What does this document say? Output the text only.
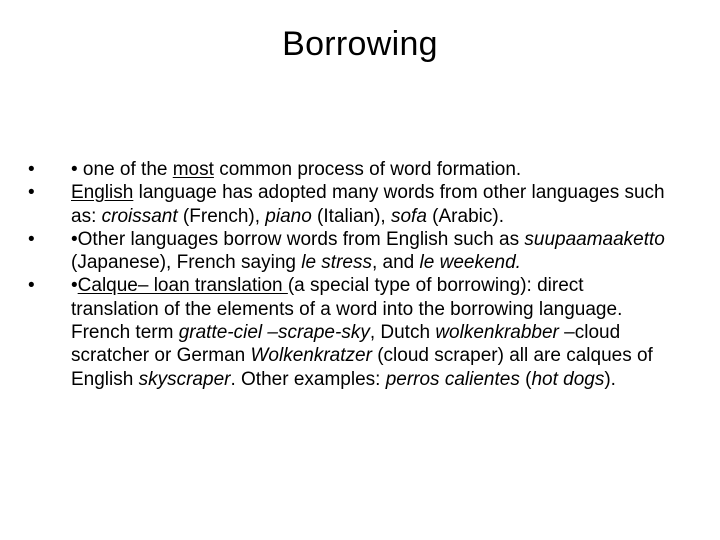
Borrowing
• • one of the most common process of word formation.
• English language has adopted many words from other languages such as: croissant (French), piano (Italian), sofa (Arabic).
• •Other languages borrow words from English such as suupaamaaketto (Japanese), French saying le stress, and le weekend.
• •Calque– loan translation (a special type of borrowing): direct translation of the elements of a word into the borrowing language. French term gratte-ciel –scrape-sky, Dutch wolkenkrabber –cloud scratcher or German Wolkenkratzer (cloud scraper) all are calques of English skyscraper. Other examples: perros calientes (hot dogs).
